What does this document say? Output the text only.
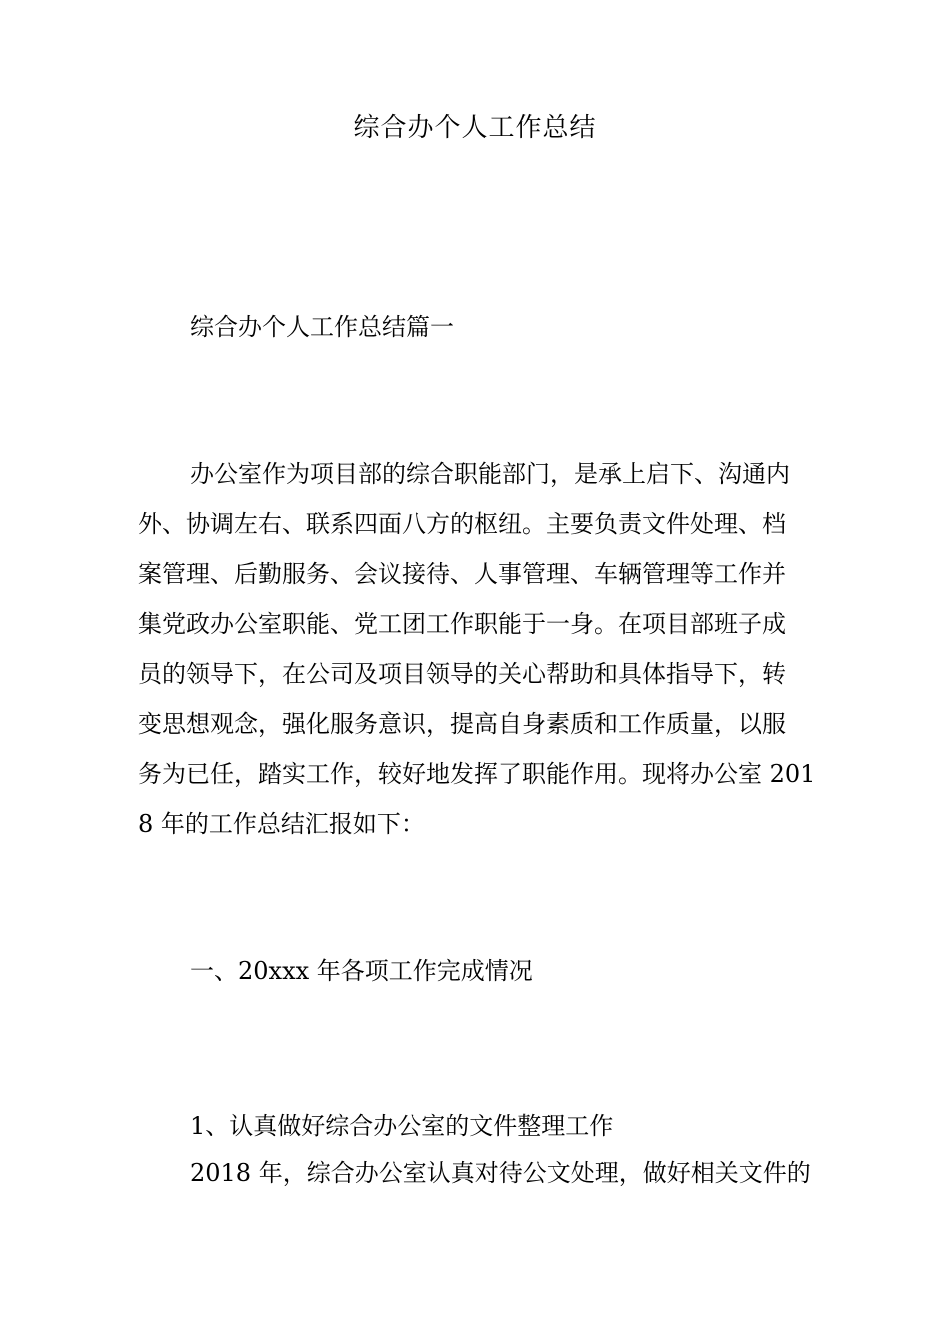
综合办个人工作总结
综合办个人工作总结篇一
办公室作为项目部的综合职能部门，是承上启下、沟通内
外、协调左右、联系四面八方的枢纽。主要负责文件处理、档
案管理、后勤服务、会议接待、人事管理、车辆管理等工作并
集党政办公室职能、党工团工作职能于一身。在项目部班子成
员的领导下，在公司及项目领导的关心帮助和具体指导下，转
变思想观念，强化服务意识，提高自身素质和工作质量，以服
务为已任，踏实工作，较好地发挥了职能作用。现将办公室 201
8 年的工作总结汇报如下：
一、20xxx 年各项工作完成情况
1、认真做好综合办公室的文件整理工作
2018 年，综合办公室认真对待公文处理，做好相关文件的
